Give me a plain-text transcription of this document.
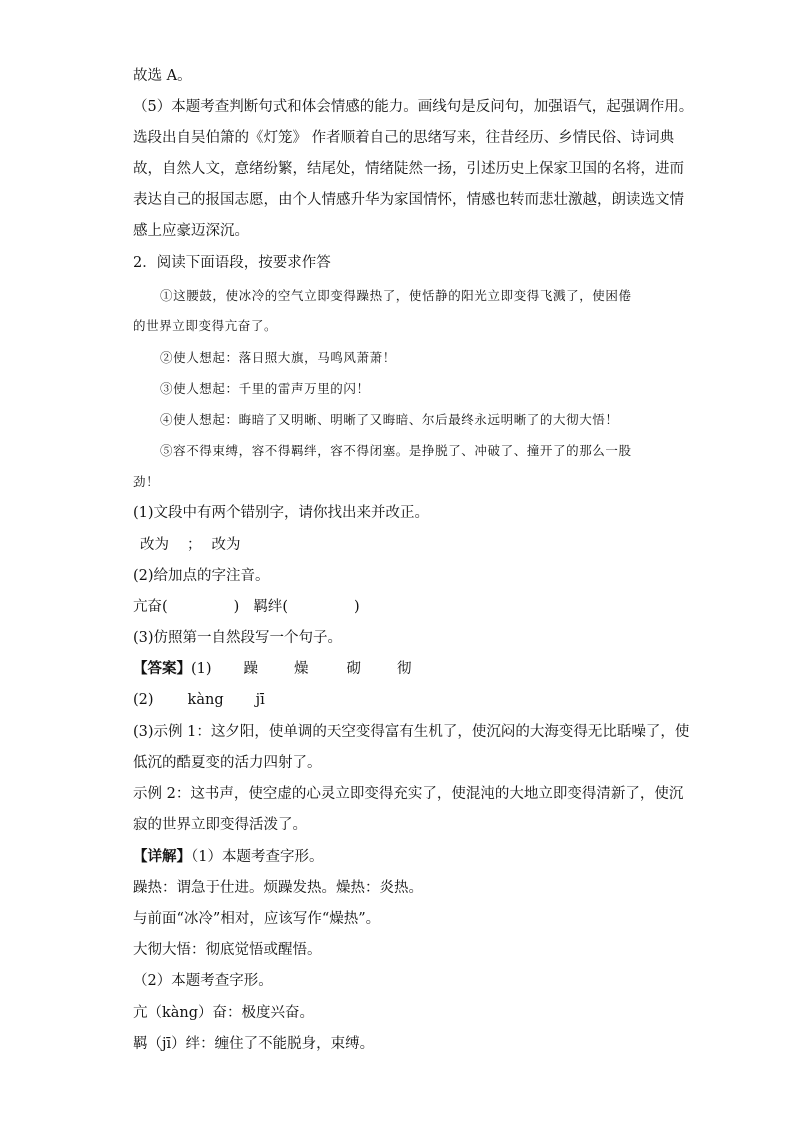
故选 A。
（5）本题考查判断句式和体会情感的能力。画线句是反问句，加强语气，起强调作用。
选段出自吴伯箫的《灯笼》 作者顺着自己的思绪写来，往昔经历、乡情民俗、诗词典
故，自然人文，意绪纷繁，结尾处，情绪陡然一扬，引述历史上保家卫国的名将，进而
表达自己的报国志愿，由个人情感升华为家国情怀，情感也转而悲壮激越，朗读选文情
感上应豪迈深沉。
2．阅读下面语段，按要求作答
①这腰鼓，使冰冷的空气立即变得躁热了，使恬静的阳光立即变得飞溅了，使困倦
的世界立即变得亢奋了。
②使人想起：落日照大旗，马鸣风萧萧！
③使人想起：千里的雷声万里的闪！
④使人想起：晦暗了又明晰、明晰了又晦暗、尔后最终永远明晰了的大彻大悟！
⑤容不得束缚，容不得羁绊，容不得闭塞。是挣脱了、冲破了、撞开了的那么一股
劲！
(1)文段中有两个错别字，请你找出来并改正。
改为 ； 改为
(2)给加点的字注音。
亢奋(	) 羁绊(	)
(3)仿照第一自然段写一个句子。
【答案】(1) 躁 燥	砌 彻
(2) kàng jī
(3)示例 1：这夕阳，使单调的天空变得富有生机了，使沉闷的大海变得无比聒噪了，使
低沉的酷夏变的活力四射了。
示例 2：这书声，使空虚的心灵立即变得充实了，使混沌的大地立即变得清新了，使沉
寂的世界立即变得活泼了。
【详解】（1）本题考查字形。
躁热：谓急于仕进。烦躁发热。燥热：炎热。
与前面“冰冷”相对，应该写作“燥热”。
大彻大悟：彻底觉悟或醒悟。
（2）本题考查字形。
亢（kàng）奋：极度兴奋。
羁（jī）绊：缠住了不能脱身，束缚。
